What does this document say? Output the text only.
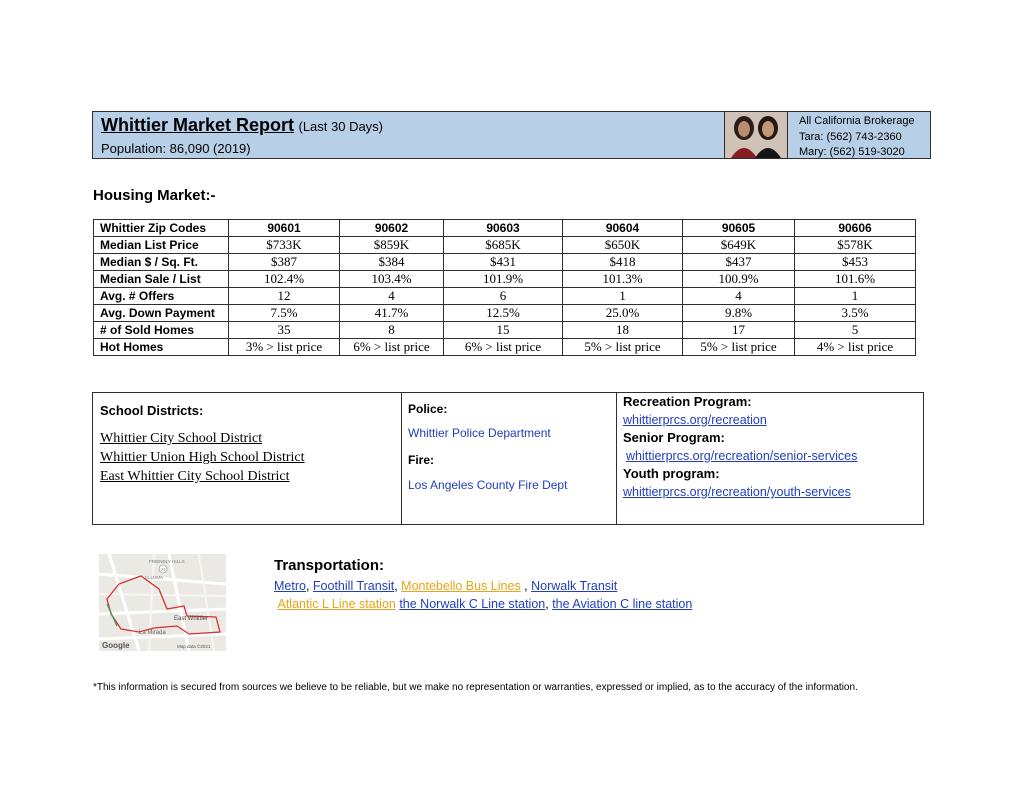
Whittier Market Report (Last 30 Days)
Population: 86,090 (2019)
All California Brokerage
Tara: (562) 743-2360
Mary: (562) 519-3020
Housing Market:-
Whittier Zip Codes	90601	90602	90603	90604	90605	90606
Median List Price	$733K	$859K	$685K	$650K	$649K	$578K
Median $ / Sq. Ft.	$387	$384	$431	$418	$437	$453
Median Sale / List	102.4%	103.4%	101.9%	101.3%	100.9%	101.6%
Avg. # Offers	12	4	6	1	4	1
Avg. Down Payment	7.5%	41.7%	12.5%	25.0%	9.8%	3.5%
# of Sold Homes	35	8	15	18	17	5
Hot Homes	3% > list price	6% > list price	6% > list price	5% > list price	5% > list price	4% > list price
School Districts:
Whittier City School District
Whittier Union High School District
East Whittier City School District
Police:
Whittier Police Department
Fire:
Los Angeles County Fire Dept
Recreation Program:
whittierprcs.org/recreation
Senior Program:
whittierprcs.org/recreation/senior-services
Youth program:
whittierprcs.org/recreation/youth-services
72
FRIENDLY HILLS
ELLUMA
La Mirada
East Whittier
Google	Map data ©2021
Transportation:
Metro, Foothill Transit, Montebello Bus Lines , Norwalk Transit
Atlantic L Line station the Norwalk C Line station, the Aviation C line station
*This information is secured from sources we believe to be reliable, but we make no representation or warranties, expressed or implied, as to the accuracy of the information.
